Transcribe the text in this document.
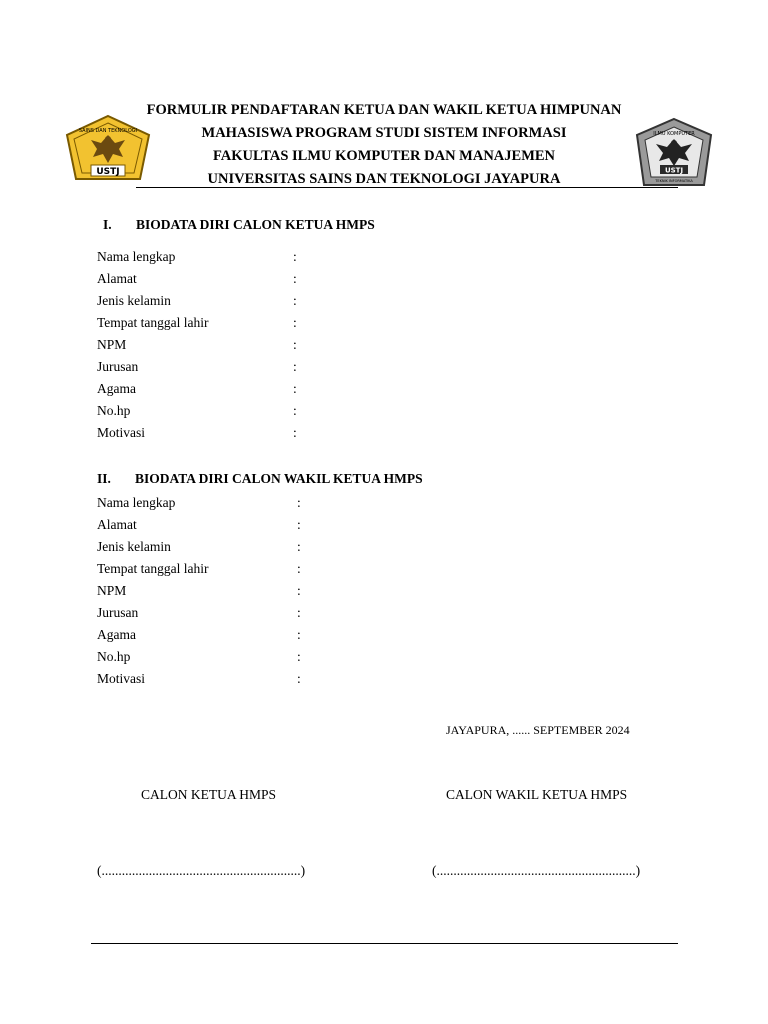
USTJ
SAINS DAN TEKNOLOGI
USTJ
ILMU KOMPUTER
TEKNIK INFORMATIKA
FORMULIR PENDAFTARAN KETUA DAN WAKIL KETUA HIMPUNAN
MAHASISWA PROGRAM STUDI SISTEM INFORMASI
FAKULTAS ILMU KOMPUTER DAN MANAJEMEN
UNIVERSITAS SAINS DAN TEKNOLOGI JAYAPURA
I. BIODATA DIRI CALON KETUA HMPS
Nama lengkap	:
Alamat	:
Jenis kelamin	:
Tempat tanggal lahir	:
NPM	:
Jurusan	:
Agama	:
No.hp	:
Motivasi	:
II. BIODATA DIRI CALON WAKIL KETUA HMPS
Nama lengkap	:
Alamat	:
Jenis kelamin	:
Tempat tanggal lahir	:
NPM	:
Jurusan	:
Agama	:
No.hp	:
Motivasi	:
JAYAPURA, ...... SEPTEMBER 2024
CALON KETUA HMPS	CALON WAKIL KETUA HMPS
(...........................................................)	(...........................................................)
